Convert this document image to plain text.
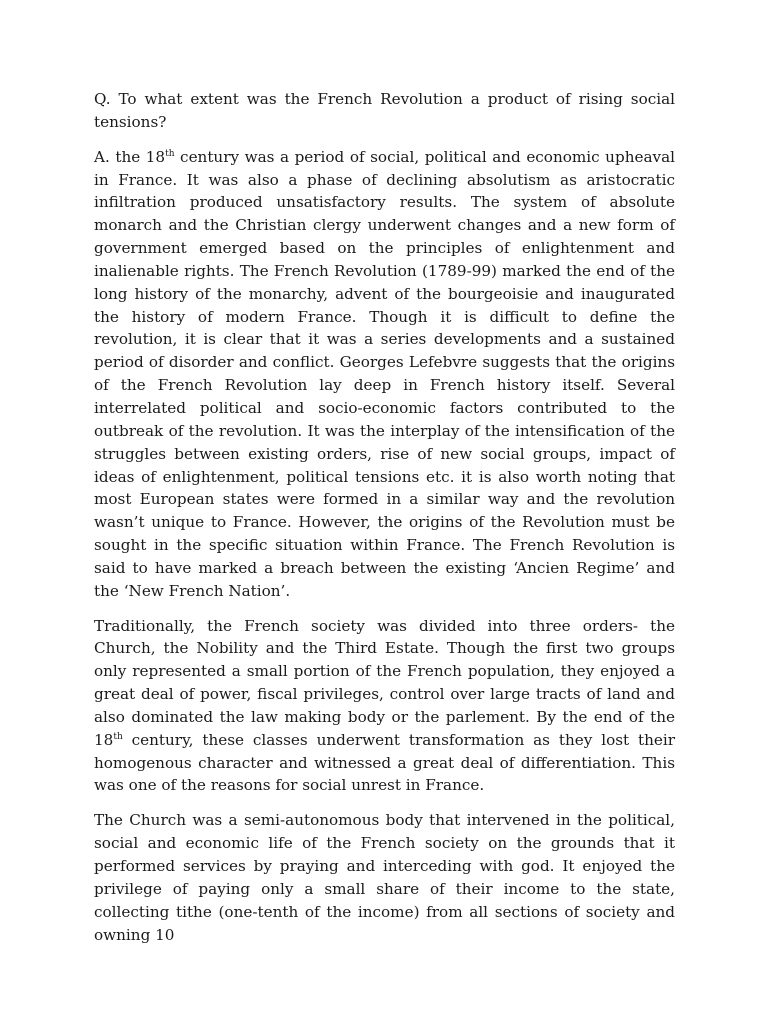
Q. To what extent was the French Revolution a product of rising social tensions?

A. the 18th century was a period of social, political and economic upheaval in France. It was also a phase of declining absolutism as aristocratic infiltration produced unsatisfactory results. The system of absolute monarch and the Christian clergy underwent changes and a new form of government emerged based on the principles of enlightenment and inalienable rights. The French Revolution (1789-99) marked the end of the long history of the monarchy, advent of the bourgeoisie and inaugurated the history of modern France. Though it is difficult to define the revolution, it is clear that it was a series developments and a sustained period of disorder and conflict. Georges Lefebvre suggests that the origins of the French Revolution lay deep in French history itself. Several interrelated political and socio-economic factors contributed to the outbreak of the revolution. It was the interplay of the intensification of the struggles between existing orders, rise of new social groups, impact of ideas of enlightenment, political tensions etc. it is also worth noting that most European states were formed in a similar way and the revolution wasn’t unique to France. However, the origins of the Revolution must be sought in the specific situation within France. The French Revolution is said to have marked a breach between the existing ‘Ancien Regime’ and the ‘New French Nation’.

Traditionally, the French society was divided into three orders- the Church, the Nobility and the Third Estate. Though the first two groups only represented a small portion of the French population, they enjoyed a great deal of power, fiscal privileges, control over large tracts of land and also dominated the law making body or the parlement. By the end of the 18th century, these classes underwent transformation as they lost their homogenous character and witnessed a great deal of differentiation. This was one of the reasons for social unrest in France.

The Church was a semi-autonomous body that intervened in the political, social and economic life of the French society on the grounds that it performed services by praying and interceding with god. It enjoyed the privilege of paying only a small share of their income to the state, collecting tithe (one-tenth of the income) from all sections of society and owning 10
